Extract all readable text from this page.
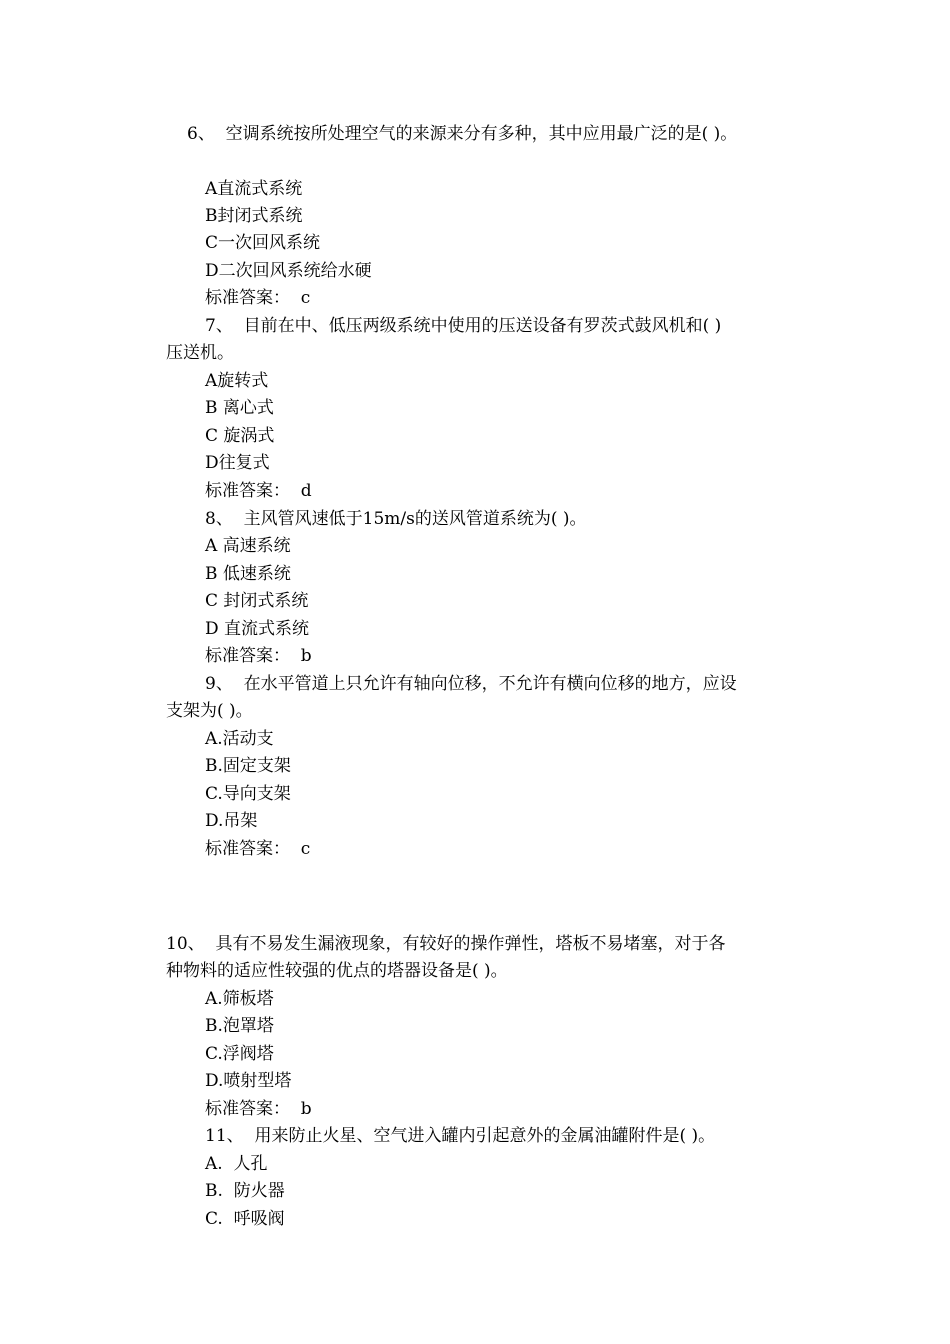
6、  空调系统按所处理空气的来源来分有多种，其中应用最广泛的是( )。
A直流式系统
B封闭式系统
C一次回风系统
D二次回风系统给水硬
标准答案：  c
7、  目前在中、低压两级系统中使用的压送设备有罗茨式鼓风机和( )
压送机。
A旋转式
B 离心式
C 旋涡式
D往复式
标准答案：  d
8、  主风管风速低于15m/s的送风管道系统为( )。
A 高速系统
B 低速系统
C 封闭式系统
D 直流式系统
标准答案：  b
9、  在水平管道上只允许有轴向位移，不允许有横向位移的地方，应设
支架为( )。
A.活动支
B.固定支架
C.导向支架
D.吊架
标准答案：  c
10、  具有不易发生漏液现象，有较好的操作弹性，塔板不易堵塞，对于各
种物料的适应性较强的优点的塔器设备是( )。
A.筛板塔
B.泡罩塔
C.浮阀塔
D.喷射型塔
标准答案：  b
11、  用来防止火星、空气进入罐内引起意外的金属油罐附件是( )。
A.  人孔
B.  防火器
C.  呼吸阀
